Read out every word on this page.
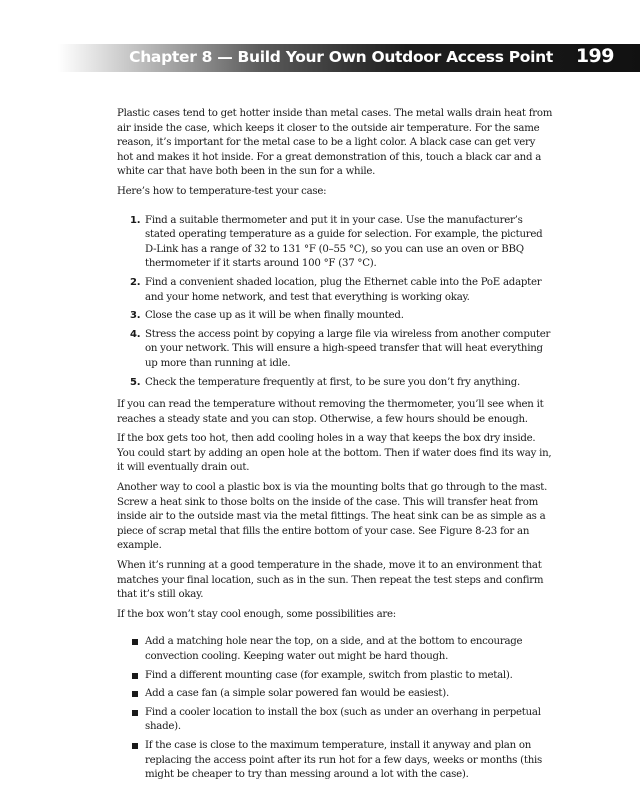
Chapter 8 — Build Your Own Outdoor Access Point 199

Plastic cases tend to get hotter inside than metal cases. The metal walls drain heat from air inside the case, which keeps it closer to the outside air temperature. For the same reason, it’s important for the metal case to be a light color. A black case can get very hot and makes it hot inside. For a great demonstration of this, touch a black car and a white car that have both been in the sun for a while.

Here’s how to temperature-test your case:

1. Find a suitable thermometer and put it in your case. Use the manufacturer’s stated operating temperature as a guide for selection. For example, the pictured D-Link has a range of 32 to 131 °F (0–55 °C), so you can use an oven or BBQ thermometer if it starts around 100 °F (37 °C).
2. Find a convenient shaded location, plug the Ethernet cable into the PoE adapter and your home network, and test that everything is working okay.
3. Close the case up as it will be when finally mounted.
4. Stress the access point by copying a large file via wireless from another computer on your network. This will ensure a high-speed transfer that will heat everything up more than running at idle.
5. Check the temperature frequently at first, to be sure you don’t fry anything.

If you can read the temperature without removing the thermometer, you’ll see when it reaches a steady state and you can stop. Otherwise, a few hours should be enough.

If the box gets too hot, then add cooling holes in a way that keeps the box dry inside. You could start by adding an open hole at the bottom. Then if water does find its way in, it will eventually drain out.

Another way to cool a plastic box is via the mounting bolts that go through to the mast. Screw a heat sink to those bolts on the inside of the case. This will transfer heat from inside air to the outside mast via the metal fittings. The heat sink can be as simple as a piece of scrap metal that fills the entire bottom of your case. See Figure 8-23 for an example.

When it’s running at a good temperature in the shade, move it to an environment that matches your final location, such as in the sun. Then repeat the test steps and confirm that it’s still okay.

If the box won’t stay cool enough, some possibilities are:

Add a matching hole near the top, on a side, and at the bottom to encourage convection cooling. Keeping water out might be hard though.
Find a different mounting case (for example, switch from plastic to metal).
Add a case fan (a simple solar powered fan would be easiest).
Find a cooler location to install the box (such as under an overhang in perpetual shade).
If the case is close to the maximum temperature, install it anyway and plan on replacing the access point after its run hot for a few days, weeks or months (this might be cheaper to try than messing around a lot with the case).
